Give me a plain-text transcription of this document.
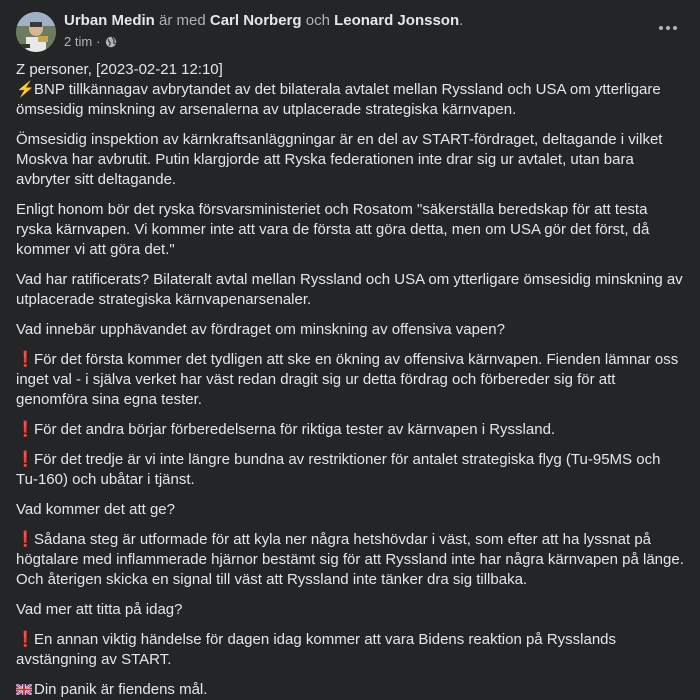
Urban Medin är med Carl Norberg och Leonard Jonsson.
2 tim ·

Z personer, [2023-02-21 12:10]
⚡BNP tillkännagav avbrytandet av det bilaterala avtalet mellan Ryssland och USA om ytterligare ömsesidig minskning av arsenalerna av utplacerade strategiska kärnvapen.

Ömsesidig inspektion av kärnkraftsanläggningar är en del av START-fördraget, deltagande i vilket Moskva har avbrutit. Putin klargjorde att Ryska federationen inte drar sig ur avtalet, utan bara avbryter sitt deltagande.

Enligt honom bör det ryska försvarsministeriet och Rosatom "säkerställa beredskap för att testa ryska kärnvapen. Vi kommer inte att vara de första att göra detta, men om USA gör det först, då kommer vi att göra det."

Vad har ratificerats? Bilateralt avtal mellan Ryssland och USA om ytterligare ömsesidig minskning av utplacerade strategiska kärnvapenarsenaler.

Vad innebär upphävandet av fördraget om minskning av offensiva vapen?

❗För det första kommer det tydligen att ske en ökning av offensiva kärnvapen. Fienden lämnar oss inget val - i själva verket har väst redan dragit sig ur detta fördrag och förbereder sig för att genomföra sina egna tester.

❗För det andra börjar förberedelserna för riktiga tester av kärnvapen i Ryssland.

❗För det tredje är vi inte längre bundna av restriktioner för antalet strategiska flyg (Tu-95MS och Tu-160) och ubåtar i tjänst.

Vad kommer det att ge?

❗Sådana steg är utformade för att kyla ner några hetshövdar i väst, som efter att ha lyssnat på högtalare med inflammerade hjärnor bestämt sig för att Ryssland inte har några kärnvapen på länge. Och återigen skicka en signal till väst att Ryssland inte tänker dra sig tillbaka.

Vad mer att titta på idag?

❗En annan viktig händelse för dagen idag kommer att vara Bidens reaktion på Rysslands avstängning av START.

Din panik är fiendens mål.
